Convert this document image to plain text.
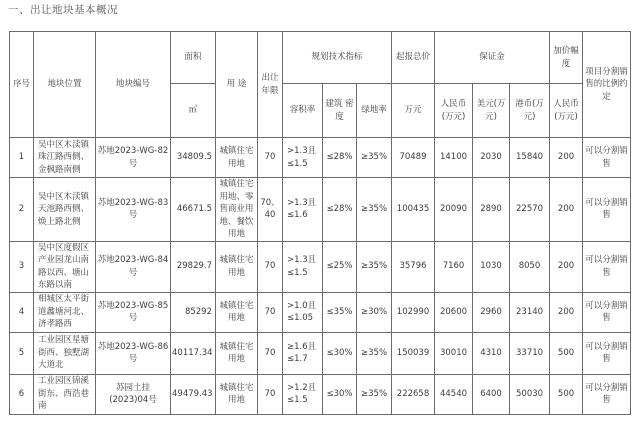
一、出让地块基本概况
序号	地块位置	地块编号	面积	用 途	出让年限	规划技术指标			起报总价	保证金			加价幅度	项目分割销售的比例约定
			㎡			容积率	建筑 密度	绿地率	万元	人民币(万元)	美元(万元)	港币(万元)	人民币(万元)	
1	吴中区木渎镇珠江路西侧、金枫路南侧	苏地2023-WG-82号	34809.5	城镇住宅用地	70	>1.3且≤1.5	≤28%	≥35%	70489	14100	2030	15840	200	可以分割销售
2	吴中区木渎镇天池路西侧、焕上路北侧	苏地2023-WG-83号	46671.5	城镇住宅用地、零售商业用地、餐饮用地	70、40	>1.3且≤1.6	≤28%	≥35%	100435	20090	2890	22570	200	可以分割销售
3	吴中区度假区产业园龙山南路以西、塘山东路以南	苏地2023-WG-84号	29829.7	城镇住宅用地	70	>1.3且≤1.5	≤25%	≥35%	35796	7160	1030	8050	200	可以分割销售
4	相城区太平街道蠡塘河北、济孝路西	苏地2023-WG-85号	85292	城镇住宅用地	70	>1.0且≤1.05	≤35%	≥30%	102990	20600	2960	23140	200	可以分割销售
5	工业园区星塘街西、独墅湖大道北	苏地2023-WG-86号	40117.34	城镇住宅用地	70	≥1.6且≤1.7	≤30%	≥35%	150039	30010	4310	33710	500	可以分割销售
6	工业园区锦溪街东、西浩巷南	苏园土挂(2023)04号	49479.43	城镇住宅用地	70	>1.2且≤1.5	≤30%	≥35%	222658	44540	6400	50030	500	可以分割销售
